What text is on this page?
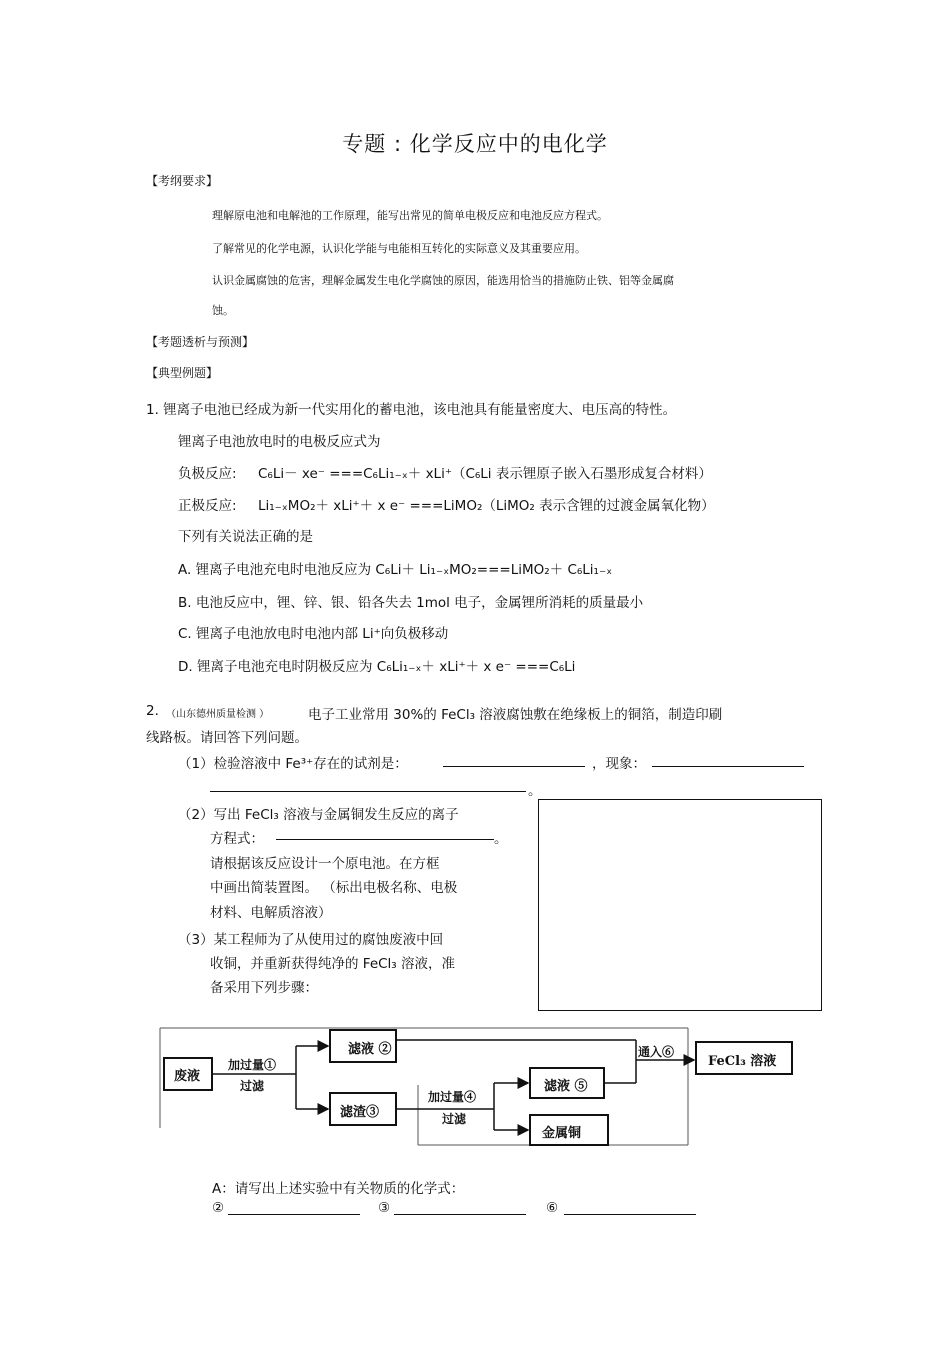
专题 : 化学反应中的电化学
【考纲要求】
理解原电池和电解池的工作原理，能写出常见的简单电极反应和电池反应方程式。
了解常见的化学电源，认识化学能与电能相互转化的实际意义及其重要应用。
认识金属腐蚀的危害，理解金属发生电化学腐蚀的原因，能选用恰当的措施防止铁、铝等金属腐
蚀。
【考题透析与预测】
【典型例题】
1. 锂离子电池已经成为新一代实用化的蓄电池，该电池具有能量密度大、电压高的特性。
锂离子电池放电时的电极反应式为
负极反应: C₆Li－ xe⁻ ===C₆Li₁₋ₓ＋ xLi⁺（C₆Li 表示锂原子嵌入石墨形成复合材料）
正极反应: Li₁₋ₓMO₂＋ xLi⁺＋ x e⁻ ===LiMO₂（LiMO₂ 表示含锂的过渡金属氧化物）
下列有关说法正确的是
A. 锂离子电池充电时电池反应为 C₆Li＋ Li₁₋ₓMO₂===LiMO₂＋ C₆Li₁₋ₓ
B. 电池反应中，锂、锌、银、铅各失去 1mol 电子，金属锂所消耗的质量最小
C. 锂离子电池放电时电池内部 Li⁺向负极移动
D. 锂离子电池充电时阴极反应为 C₆Li₁₋ₓ＋ xLi⁺＋ x e⁻ ===C₆Li
2. （山东德州质量检测 ）	电子工业常用 30%的 FeCl₃ 溶液腐蚀敷在绝缘板上的铜箔，制造印刷
线路板。请回答下列问题。
（1）检验溶液中 Fe³⁺存在的试剂是：	，现象：
。
（2）写出 FeCl₃ 溶液与金属铜发生反应的离子
方程式：	。
请根据该反应设计一个原电池。在方框
中画出简装置图。 （标出电极名称、电极
材料、电解质溶液）
（3）某工程师为了从使用过的腐蚀废液中回
收铜，并重新获得纯净的 FeCl₃ 溶液，准
备采用下列步骤：
废液
加过量①
过滤
滤液 ②
滤渣③
加过量④
过滤
滤液 ⑤
金属铜
通入⑥
FeCl₃ 溶液
A：请写出上述实验中有关物质的化学式：
②	③	⑥
